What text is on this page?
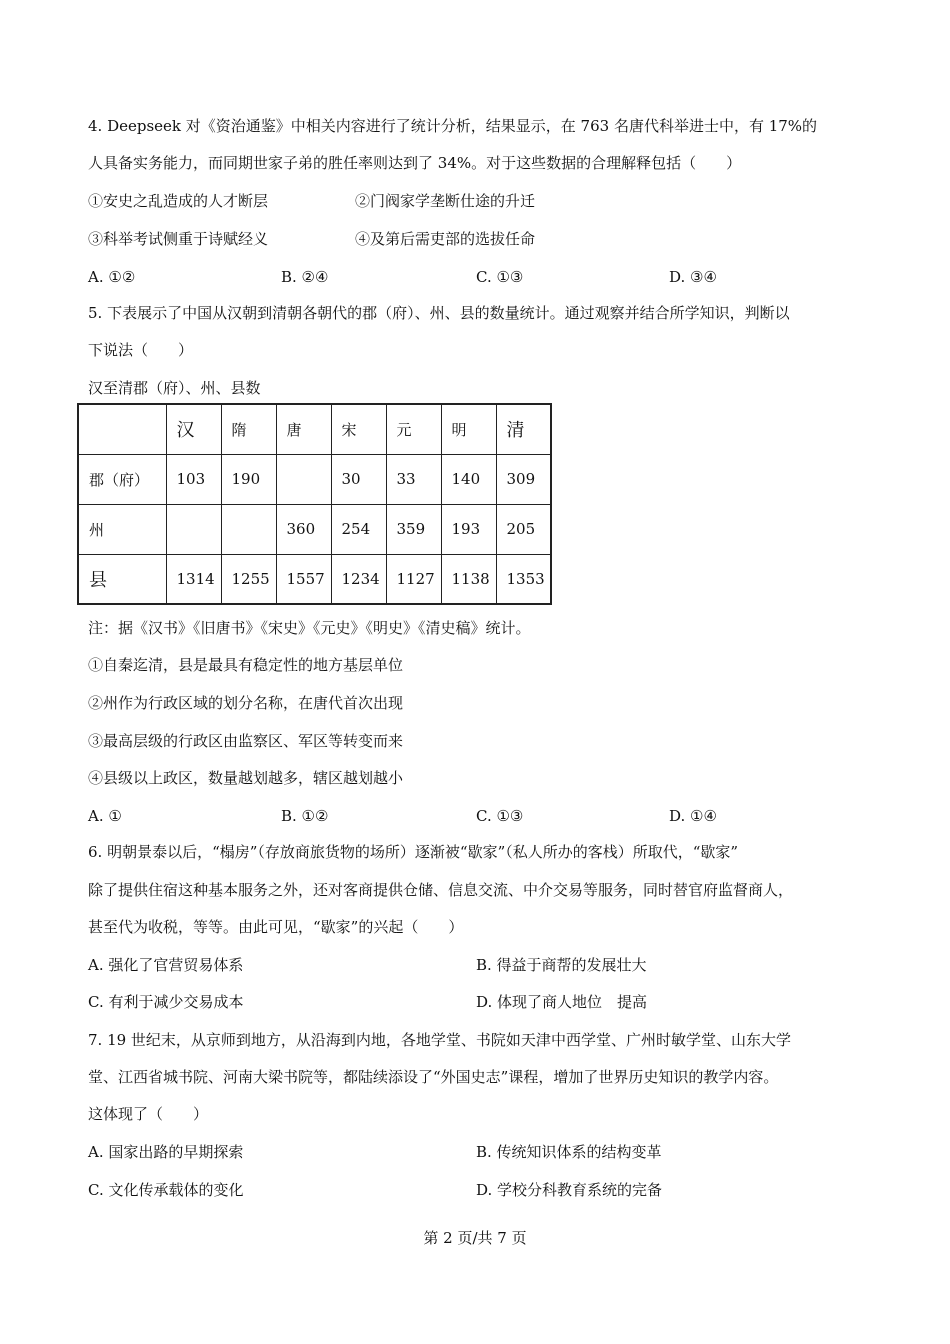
4. Deepseek 对《资治通鉴》中相关内容进行了统计分析，结果显示，在 763 名唐代科举进士中，有 17%的
人具备实务能力，而同期世家子弟的胜任率则达到了 34%。对于这些数据的合理解释包括（　　）
①安史之乱造成的人才断层	②门阀家学垄断仕途的升迁
③科举考试侧重于诗赋经义	④及第后需吏部的选拔任命
A. ①②	B. ②④	C. ①③	D. ③④
5. 下表展示了中国从汉朝到清朝各朝代的郡（府）、州、县的数量统计。通过观察并结合所学知识，判断以
下说法（　　）
汉至清郡（府）、州、县数
	汉	隋	唐	宋	元	明	清
郡（府）	103	190		30	33	140	309
州			360	254	359	193	205
县	1314	1255	1557	1234	1127	1138	1353
注：据《汉书》《旧唐书》《宋史》《元史》《明史》《清史稿》统计。
①自秦迄清，县是最具有稳定性的地方基层单位
②州作为行政区域的划分名称，在唐代首次出现
③最高层级的行政区由监察区、军区等转变而来
④县级以上政区，数量越划越多，辖区越划越小
A. ①	B. ①②	C. ①③	D. ①④
6. 明朝景泰以后，“榻房”（存放商旅货物的场所）逐渐被“歇家”（私人所办的客栈）所取代，“歇家”
除了提供住宿这种基本服务之外，还对客商提供仓储、信息交流、中介交易等服务，同时替官府监督商人，
甚至代为收税，等等。由此可见，“歇家”的兴起（　　）
A. 强化了官营贸易体系	B. 得益于商帮的发展壮大
C. 有利于减少交易成本	D. 体现了商人地位　提高
7. 19 世纪末，从京师到地方，从沿海到内地，各地学堂、书院如天津中西学堂、广州时敏学堂、山东大学
堂、江西省城书院、河南大梁书院等，都陆续添设了“外国史志”课程，增加了世界历史知识的教学内容。
这体现了（　　）
A. 国家出路的早期探索	B. 传统知识体系的结构变革
C. 文化传承载体的变化	D. 学校分科教育系统的完备
第 2 页/共 7 页
